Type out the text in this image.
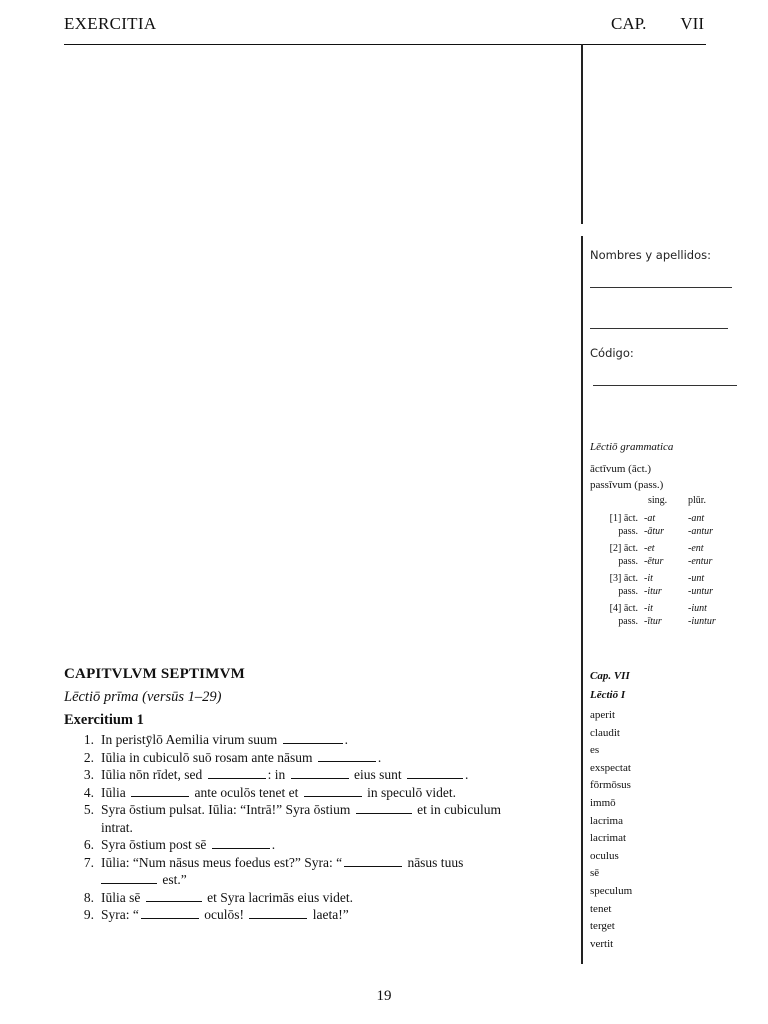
EXERCITIA	CAP. VII
Nombres y apellidos:
Código:
Lēctiō grammatica
āctīvum (āct.)
passīvum (pass.)
sing.	plūr.
[1] āct. -at	-ant
pass. -ātur	-antur
[2] āct. -et	-ent
pass. -ētur	-entur
[3] āct. -it	-unt
pass. -itur	-untur
[4] āct. -it	-iunt
pass. -ītur	-iuntur
Cap. VII
Lēctiō I
aperit
claudit
es
exspectat
fōrmōsus
immō
lacrima
lacrimat
oculus
sē
speculum
tenet
terget
vertit
CAPITVLVM SEPTIMVM
Lēctiō prīma (versūs 1–29)
Exercitium 1
1. In peristȳlō Aemilia virum suum	.
2. Iūlia in cubiculō suō rosam ante nāsum	.
3. Iūlia nōn rīdet, sed	: in	eius sunt	.
4. Iūlia	ante oculōs tenet et	in speculō videt.
5. Syra ōstium pulsat. Iūlia: “Intrā!” Syra ōstium	et in cubiculum
intrat.
6. Syra ōstium post sē	.
7. Iūlia: “Num nāsus meus foedus est?” Syra: “	nāsus tuus
est.”
8. Iūlia sē	et Syra lacrimās eius videt.
9. Syra: “	oculōs!	laeta!”
19
